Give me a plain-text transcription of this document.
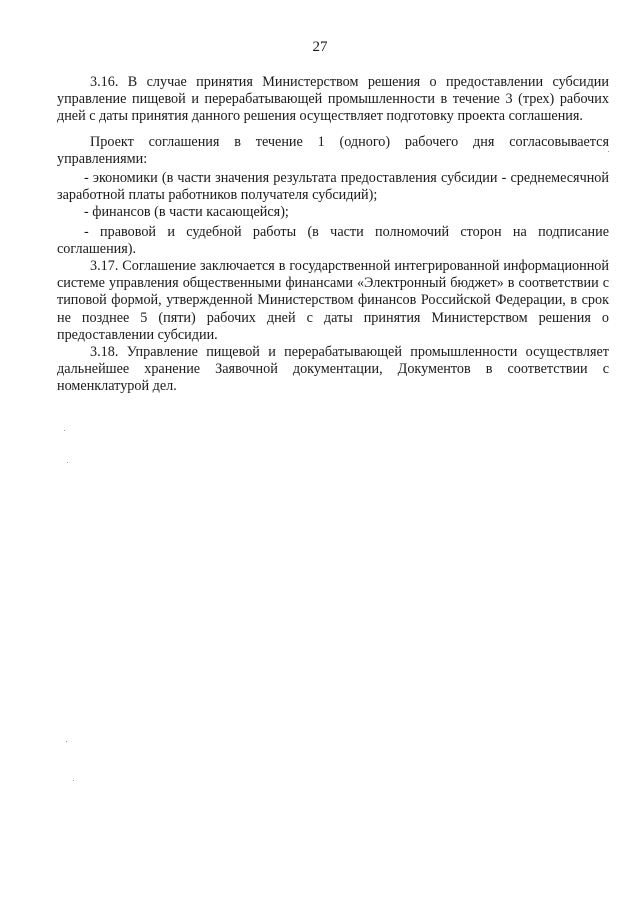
27

3.16. В случае принятия Министерством решения о предоставлении субсидии управление пищевой и перерабатывающей промышленности в течение 3 (трех) рабочих дней с даты принятия данного решения осуществляет подготовку проекта соглашения.

Проект соглашения в течение 1 (одного) рабочего дня согласовывается управлениями:

- экономики (в части значения результата предоставления субсидии - среднемесячной заработной платы работников получателя субсидий);

- финансов (в части касающейся);

- правовой и судебной работы (в части полномочий сторон на подписание соглашения).

3.17. Соглашение заключается в государственной интегрированной информационной системе управления общественными финансами «Электронный бюджет» в соответствии с типовой формой, утвержденной Министерством финансов Российской Федерации, в срок не позднее 5 (пяти) рабочих дней с даты принятия Министерством решения о предоставлении субсидии.

3.18. Управление пищевой и перерабатывающей промышленности осуществляет дальнейшее хранение Заявочной документации, Документов в соответствии с номенклатурой дел.
